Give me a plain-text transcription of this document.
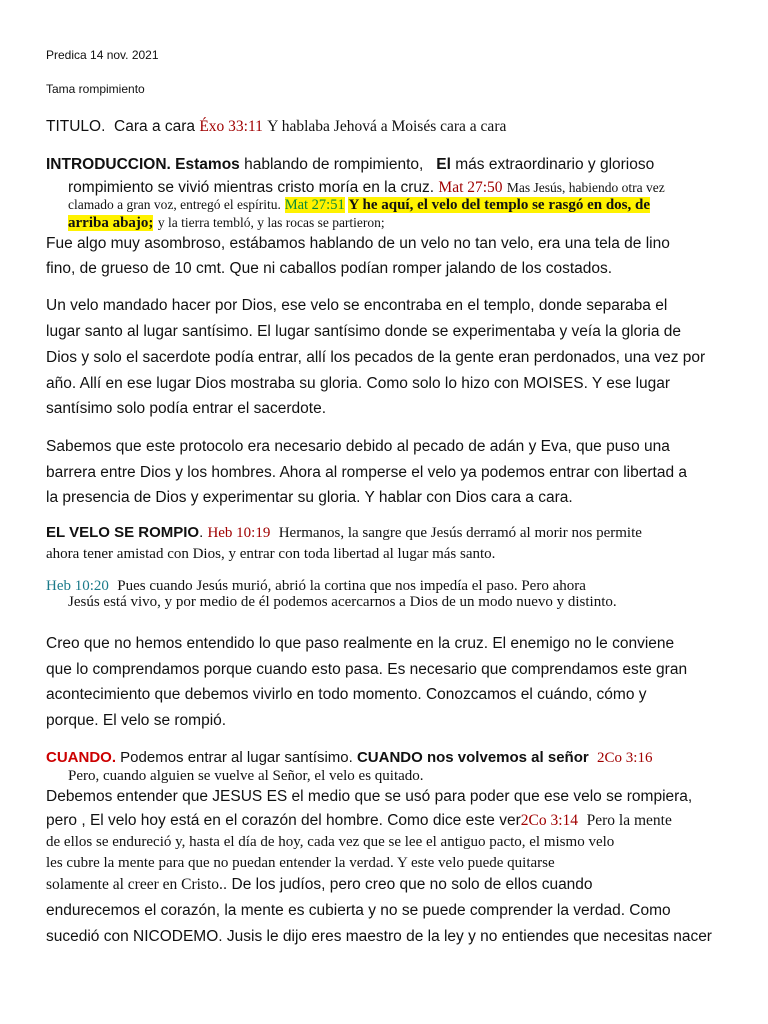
Predica 14 nov. 2021
Tama rompimiento
TITULO. Cara a cara Éxo 33:11 Y hablaba Jehová a Moisés cara a cara
INTRODUCCION. Estamos hablando de rompimiento, El más extraordinario y glorioso
rompimiento se vivió mientras cristo moría en la cruz. Mat 27:50 Mas Jesús, habiendo otra vez
clamado a gran voz, entregó el espíritu. Mat 27:51 Y he aquí, el velo del templo se rasgó en dos, de
arriba abajo; y la tierra tembló, y las rocas se partieron;
Fue algo muy asombroso, estábamos hablando de un velo no tan velo, era una tela de lino
fino, de grueso de 10 cmt. Que ni caballos podían romper jalando de los costados.
Un velo mandado hacer por Dios, ese velo se encontraba en el templo, donde separaba el
lugar santo al lugar santísimo. El lugar santísimo donde se experimentaba y veía la gloria de
Dios y solo el sacerdote podía entrar, allí los pecados de la gente eran perdonados, una vez por
año. Allí en ese lugar Dios mostraba su gloria. Como solo lo hizo con MOISES. Y ese lugar
santísimo solo podía entrar el sacerdote.
Sabemos que este protocolo era necesario debido al pecado de adán y Eva, que puso una
barrera entre Dios y los hombres. Ahora al romperse el velo ya podemos entrar con libertad a
la presencia de Dios y experimentar su gloria. Y hablar con Dios cara a cara.
EL VELO SE ROMPIO. Heb 10:19 Hermanos, la sangre que Jesús derramó al morir nos permite
ahora tener amistad con Dios, y entrar con toda libertad al lugar más santo.
Heb 10:20 Pues cuando Jesús murió, abrió la cortina que nos impedía el paso. Pero ahora
Jesús está vivo, y por medio de él podemos acercarnos a Dios de un modo nuevo y distinto.
Creo que no hemos entendido lo que paso realmente en la cruz. El enemigo no le conviene
que lo comprendamos porque cuando esto pasa. Es necesario que comprendamos este gran
acontecimiento que debemos vivirlo en todo momento. Conozcamos el cuándo, cómo y
porque. El velo se rompió.
CUANDO. Podemos entrar al lugar santísimo. CUANDO nos volvemos al señor 2Co 3:16
Pero, cuando alguien se vuelve al Señor, el velo es quitado.
Debemos entender que JESUS ES el medio que se usó para poder que ese velo se rompiera,
pero , El velo hoy está en el corazón del hombre. Como dice este ver2Co 3:14 Pero la mente
de ellos se endureció y, hasta el día de hoy, cada vez que se lee el antiguo pacto, el mismo velo
les cubre la mente para que no puedan entender la verdad. Y este velo puede quitarse
solamente al creer en Cristo.. De los judíos, pero creo que no solo de ellos cuando
endurecemos el corazón, la mente es cubierta y no se puede comprender la verdad. Como
sucedió con NICODEMO. Jusis le dijo eres maestro de la ley y no entiendes que necesitas nacer
